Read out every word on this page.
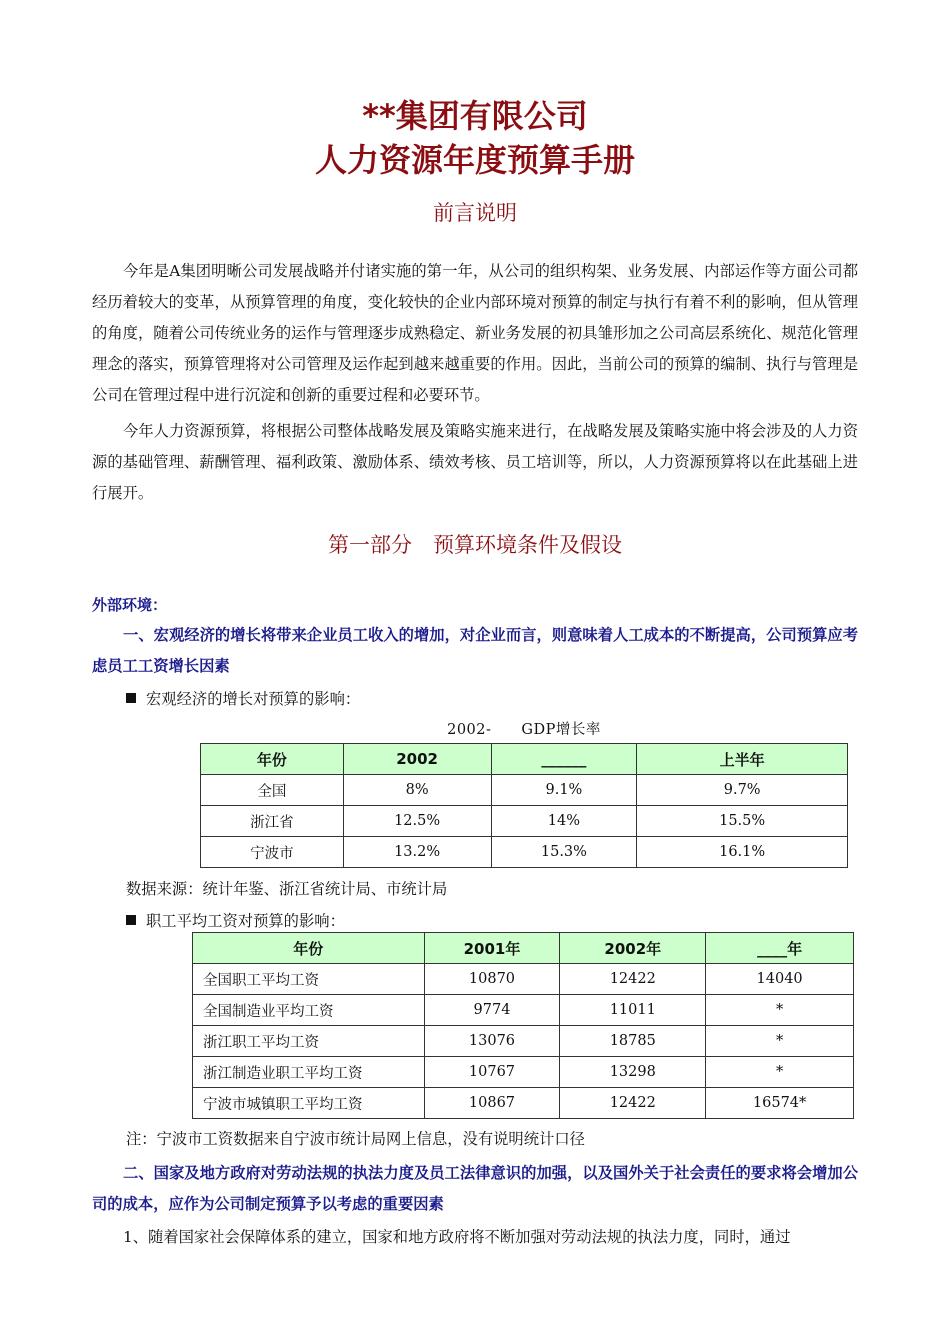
**集团有限公司
人力资源年度预算手册
前言说明
今年是A集团明晰公司发展战略并付诸实施的第一年，从公司的组织构架、业务发展、内部运作等方面公司都经历着较大的变革，从预算管理的角度，变化较快的企业内部环境对预算的制定与执行有着不利的影响，但从管理的角度，随着公司传统业务的运作与管理逐步成熟稳定、新业务发展的初具雏形加之公司高层系统化、规范化管理理念的落实，预算管理将对公司管理及运作起到越来越重要的作用。因此，当前公司的预算的编制、执行与管理是公司在管理过程中进行沉淀和创新的重要过程和必要环节。
今年人力资源预算，将根据公司整体战略发展及策略实施来进行，在战略发展及策略实施中将会涉及的人力资源的基础管理、薪酬管理、福利政策、激励体系、绩效考核、员工培训等，所以，人力资源预算将以在此基础上进行展开。
第一部分　预算环境条件及假设
外部环境：
一、宏观经济的增长将带来企业员工收入的增加，对企业而言，则意味着人工成本的不断提高，公司预算应考虑员工工资增长因素
宏观经济的增长对预算的影响：
2002-　　GDP增长率
年份	2002	______	上半年
全国	8%	9.1%	9.7%
浙江省	12.5%	14%	15.5%
宁波市	13.2%	15.3%	16.1%
数据来源：统计年鉴、浙江省统计局、市统计局
职工平均工资对预算的影响：
年份	2001年	2002年	____年
全国职工平均工资	10870	12422	14040
全国制造业平均工资	9774	11011	*
浙江职工平均工资	13076	18785	*
浙江制造业职工平均工资	10767	13298	*
宁波市城镇职工平均工资	10867	12422	16574*
注：宁波市工资数据来自宁波市统计局网上信息，没有说明统计口径
二、国家及地方政府对劳动法规的执法力度及员工法律意识的加强，以及国外关于社会责任的要求将会增加公司的成本，应作为公司制定预算予以考虑的重要因素
1、随着国家社会保障体系的建立，国家和地方政府将不断加强对劳动法规的执法力度，同时，通过
